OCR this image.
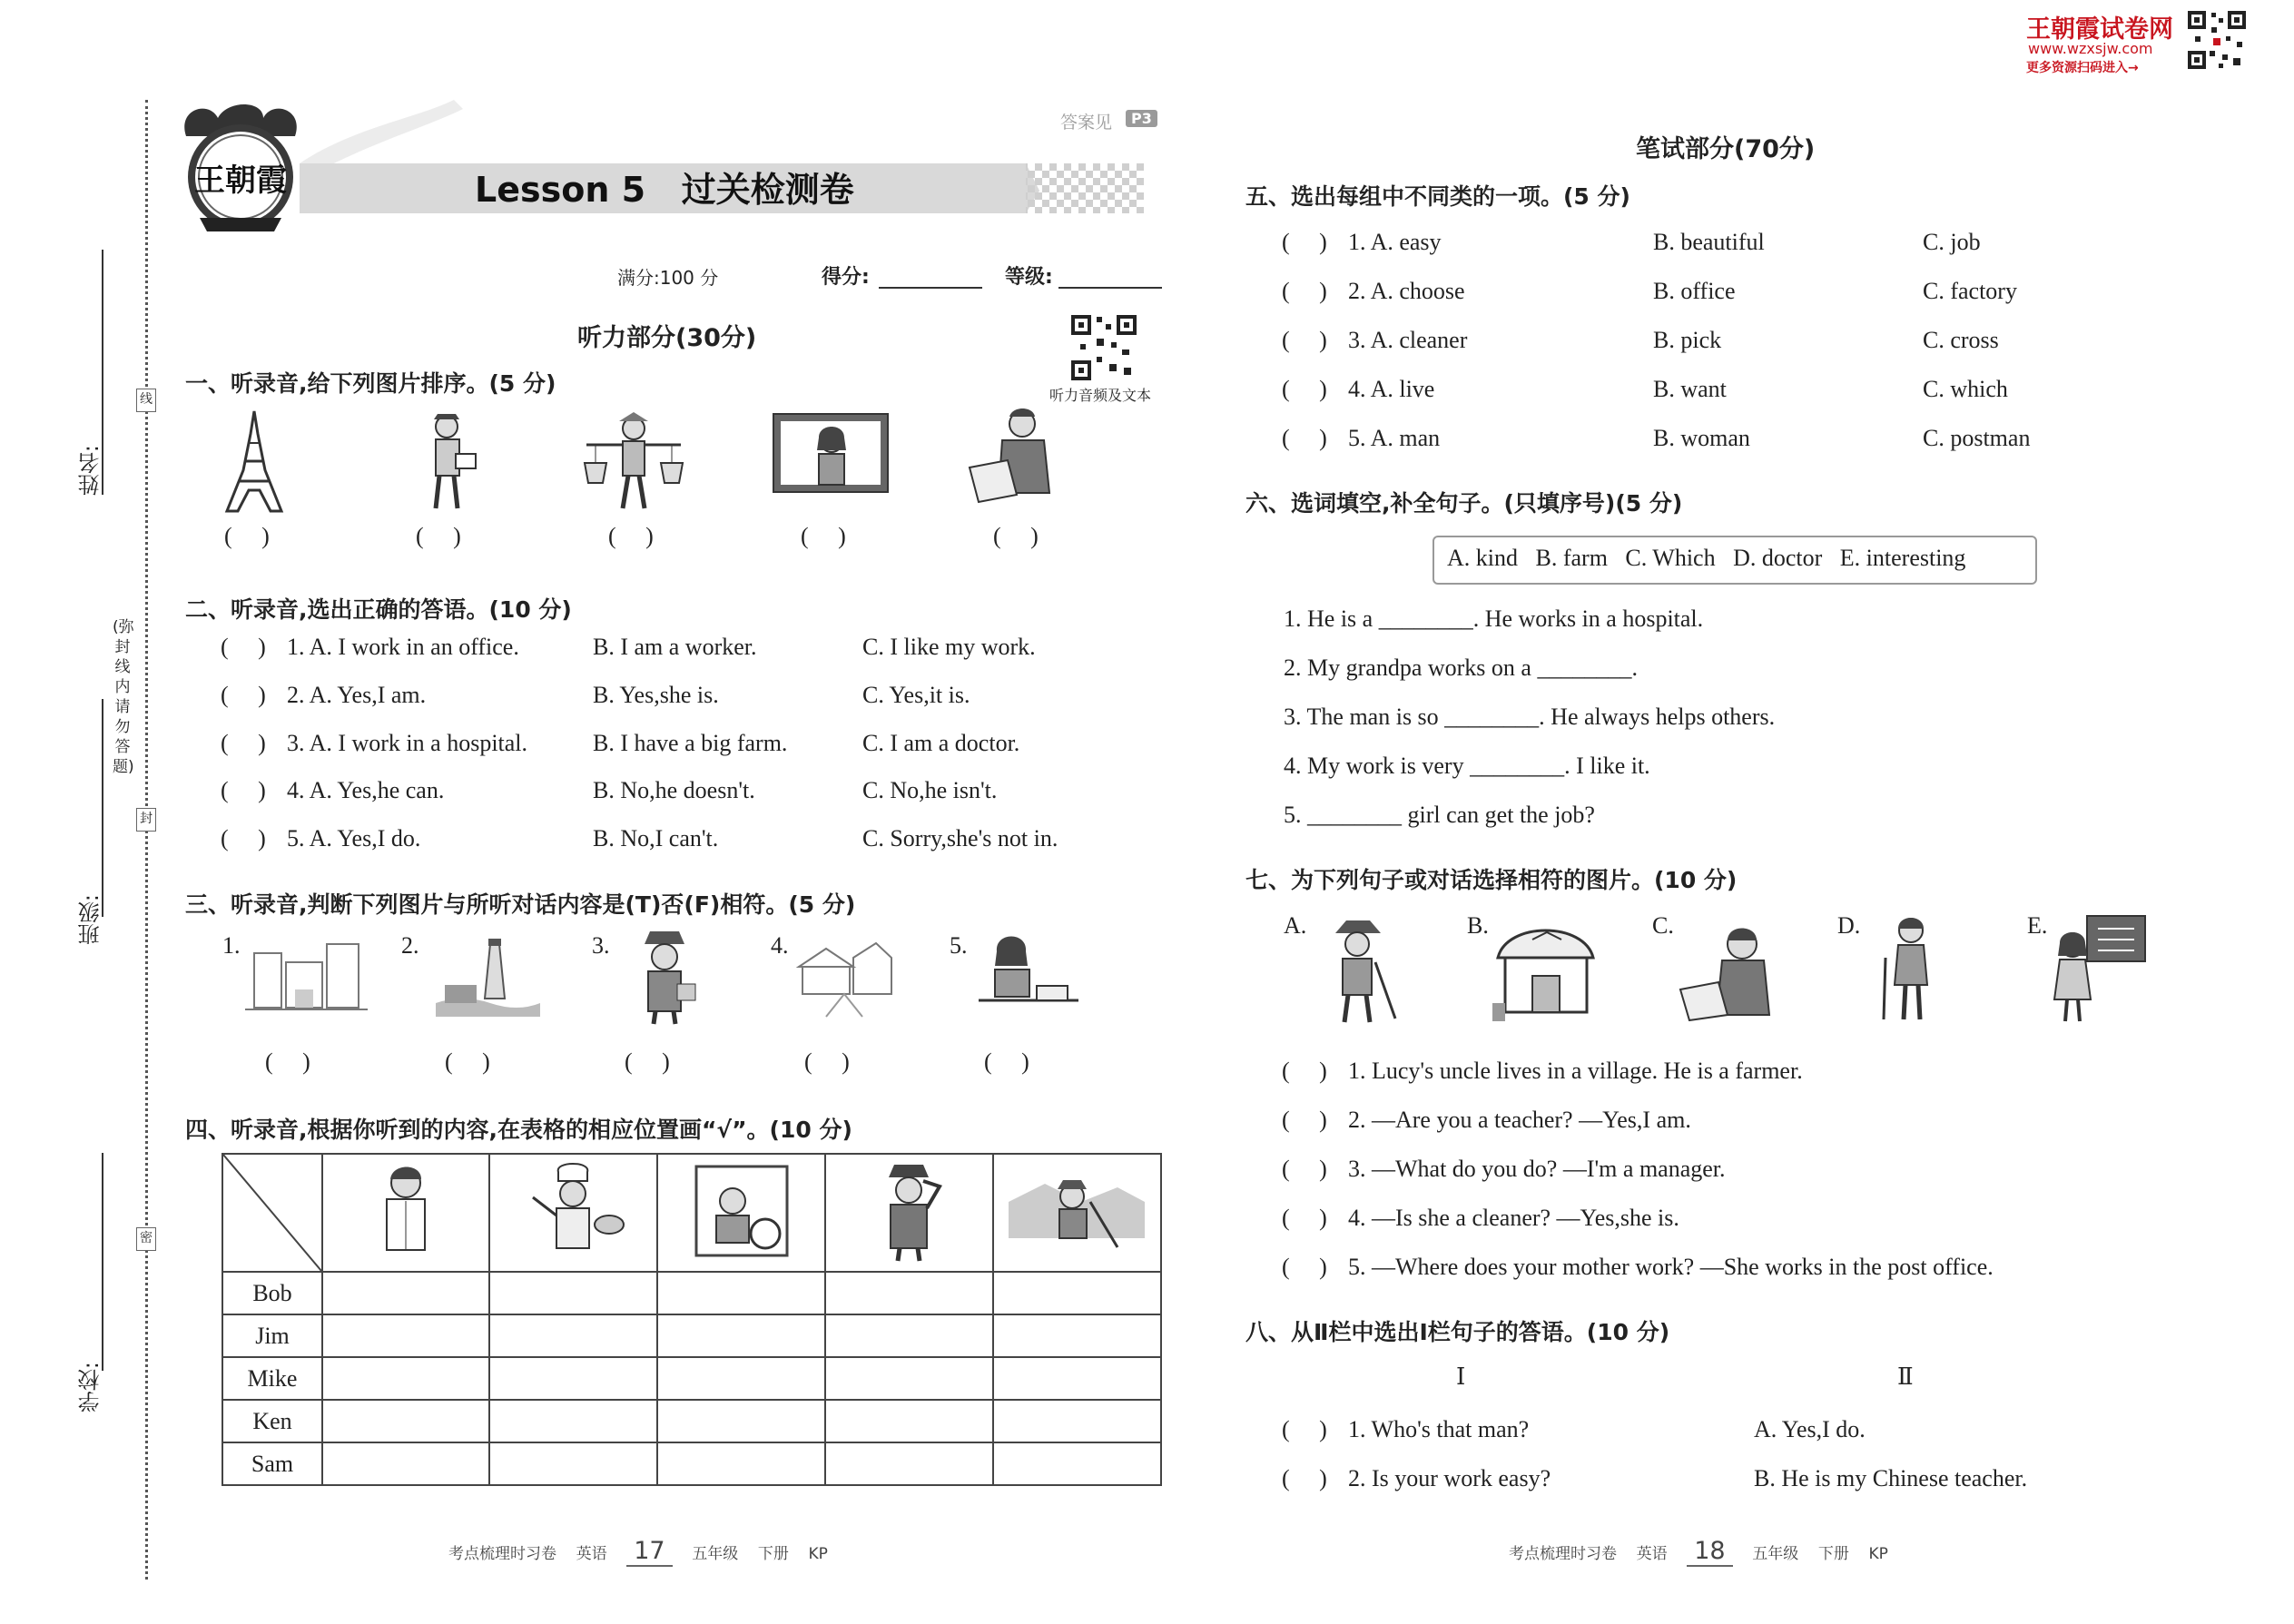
姓名:
班级:
学校:
(弥封线内请勿答题)
线
封
密
王朝霞试卷网
www.wzxsjw.com
更多资源扫码进入→
王朝霞	Lesson 5   过关检测卷
答案见	P3
满分:100 分	得分:	等级:
听力音频及文本
听力部分(30分)
一、听录音,给下列图片排序。(5 分)
(     )	(     )	(     )	(     )	(     )
二、听录音,选出正确的答语。(10 分)
(     ) 1. A. I work in an office.	B. I am a worker.	C. I like my work.
(     ) 2. A. Yes,I am.	B. Yes,she is.	C. Yes,it is.
(     ) 3. A. I work in a hospital.	B. I have a big farm.	C. I am a doctor.
(     ) 4. A. Yes,he can.	B. No,he doesn't.	C. No,he isn't.
(     ) 5. A. Yes,I do.	B. No,I can't.	C. Sorry,she's not in.
三、听录音,判断下列图片与所听对话内容是(T)否(F)相符。(5 分)
1.	2.	3.	4.	5.
(     )	(     )	(     )	(     )	(     )
四、听录音,根据你听到的内容,在表格的相应位置画“√”。(10 分)

Bob					
Jim					
Mike					
Ken					
Sam					
考点梳理时习卷 英语 17 五年级 下册 KP
笔试部分(70分)
五、选出每组中不同类的一项。(5 分)
(     ) 1. A. easy	B. beautiful	C. job
(     ) 2. A. choose	B. office	C. factory
(     ) 3. A. cleaner	B. pick	C. cross
(     ) 4. A. live	B. want	C. which
(     ) 5. A. man	B. woman	C. postman
六、选词填空,补全句子。(只填序号)(5 分)
A. kind   B. farm   C. Which   D. doctor   E. interesting
1. He is a ________. He works in a hospital.
2. My grandpa works on a ________.
3. The man is so ________. He always helps others.
4. My work is very ________. I like it.
5. ________ girl can get the job?
七、为下列句子或对话选择相符的图片。(10 分)
A.	B.	C.	D.	E.
(     ) 1. Lucy's uncle lives in a village. He is a farmer.
(     ) 2. —Are you a teacher? —Yes,I am.
(     ) 3. —What do you do? —I'm a manager.
(     ) 4. —Is she a cleaner? —Yes,she is.
(     ) 5. —Where does your mother work? —She works in the post office.
八、从Ⅱ栏中选出Ⅰ栏句子的答语。(10 分)
Ⅰ	Ⅱ
(     ) 1. Who's that man?	A. Yes,I do.
(     ) 2. Is your work easy?	B. He is my Chinese teacher.
考点梳理时习卷 英语 18 五年级 下册 KP
